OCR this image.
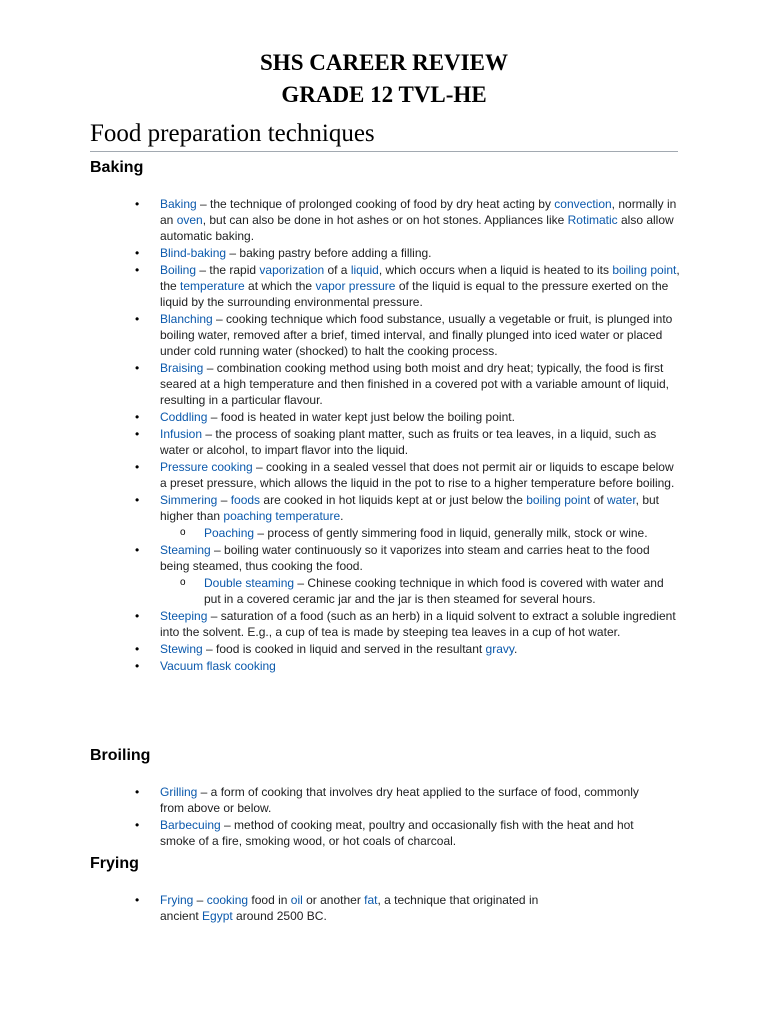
SHS CAREER REVIEW
GRADE 12 TVL-HE
Food preparation techniques
Baking
• Baking – the technique of prolonged cooking of food by dry heat acting by convection, normally in an oven, but can also be done in hot ashes or on hot stones. Appliances like Rotimatic also allow automatic baking.
• Blind-baking – baking pastry before adding a filling.
• Boiling – the rapid vaporization of a liquid, which occurs when a liquid is heated to its boiling point, the temperature at which the vapor pressure of the liquid is equal to the pressure exerted on the liquid by the surrounding environmental pressure.
• Blanching – cooking technique which food substance, usually a vegetable or fruit, is plunged into boiling water, removed after a brief, timed interval, and finally plunged into iced water or placed under cold running water (shocked) to halt the cooking process.
• Braising – combination cooking method using both moist and dry heat; typically, the food is first seared at a high temperature and then finished in a covered pot with a variable amount of liquid, resulting in a particular flavour.
• Coddling – food is heated in water kept just below the boiling point.
• Infusion – the process of soaking plant matter, such as fruits or tea leaves, in a liquid, such as water or alcohol, to impart flavor into the liquid.
• Pressure cooking – cooking in a sealed vessel that does not permit air or liquids to escape below a preset pressure, which allows the liquid in the pot to rise to a higher temperature before boiling.
• Simmering – foods are cooked in hot liquids kept at or just below the boiling point of water, but higher than poaching temperature.
o Poaching – process of gently simmering food in liquid, generally milk, stock or wine.
• Steaming – boiling water continuously so it vaporizes into steam and carries heat to the food being steamed, thus cooking the food.
o Double steaming – Chinese cooking technique in which food is covered with water and put in a covered ceramic jar and the jar is then steamed for several hours.
• Steeping – saturation of a food (such as an herb) in a liquid solvent to extract a soluble ingredient into the solvent. E.g., a cup of tea is made by steeping tea leaves in a cup of hot water.
• Stewing – food is cooked in liquid and served in the resultant gravy.
• Vacuum flask cooking
Broiling
• Grilling – a form of cooking that involves dry heat applied to the surface of food, commonly from above or below.
• Barbecuing – method of cooking meat, poultry and occasionally fish with the heat and hot smoke of a fire, smoking wood, or hot coals of charcoal.
Frying
• Frying – cooking food in oil or another fat, a technique that originated in ancient Egypt around 2500 BC.
